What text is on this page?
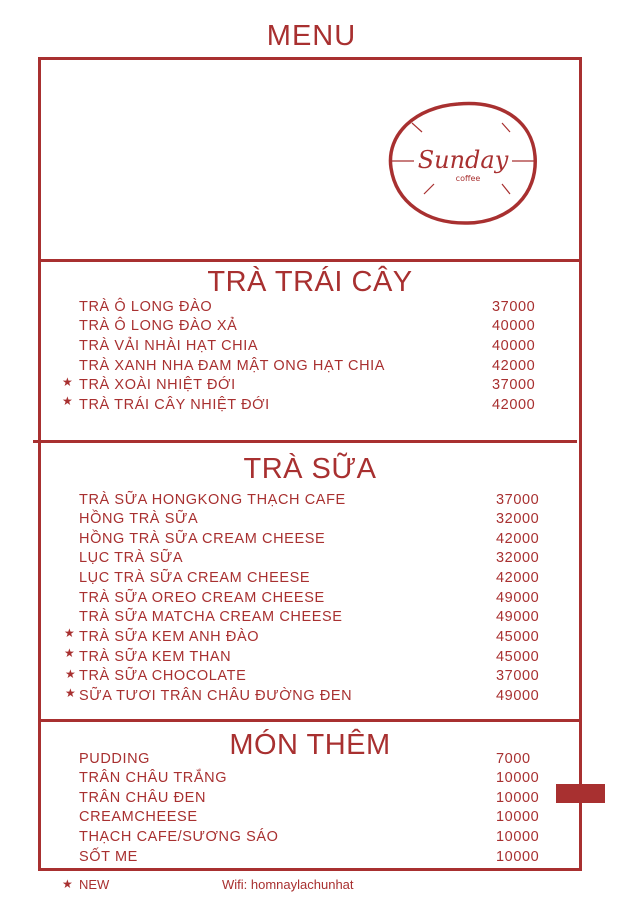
MENU
Sunday
coffee
TRÀ TRÁI CÂY
TRÀ Ô LONG ĐÀO	37000
TRÀ Ô LONG ĐÀO XẢ	40000
TRÀ VẢI NHÀI HẠT CHIA	40000
TRÀ XANH NHA ĐAM MẬT ONG HẠT CHIA	42000
★ TRÀ XOÀI NHIỆT ĐỚI	37000
★ TRÀ TRÁI CÂY NHIỆT ĐỚI	42000
TRÀ SỮA
TRÀ SỮA HONGKONG THẠCH CAFE	37000
HỒNG TRÀ SỮA	32000
HỒNG TRÀ SỮA CREAM CHEESE	42000
LỤC TRÀ SỮA	32000
LỤC TRÀ SỮA CREAM CHEESE	42000
TRÀ SỮA OREO CREAM CHEESE	49000
TRÀ SỮA MATCHA CREAM CHEESE	49000
★ TRÀ SỮA KEM ANH ĐÀO	45000
★ TRÀ SỮA KEM THAN	45000
★ TRÀ SỮA CHOCOLATE	37000
★ SỮA TƯƠI TRÂN CHÂU ĐƯỜNG ĐEN	49000
MÓN THÊM
PUDDING	7000
TRÂN CHÂU TRẮNG	10000
TRÂN CHÂU ĐEN	10000
CREAMCHEESE	10000
THẠCH CAFE/SƯƠNG SÁO	10000
SỐT ME	10000
★ NEW	Wifi: homnaylachunhat
